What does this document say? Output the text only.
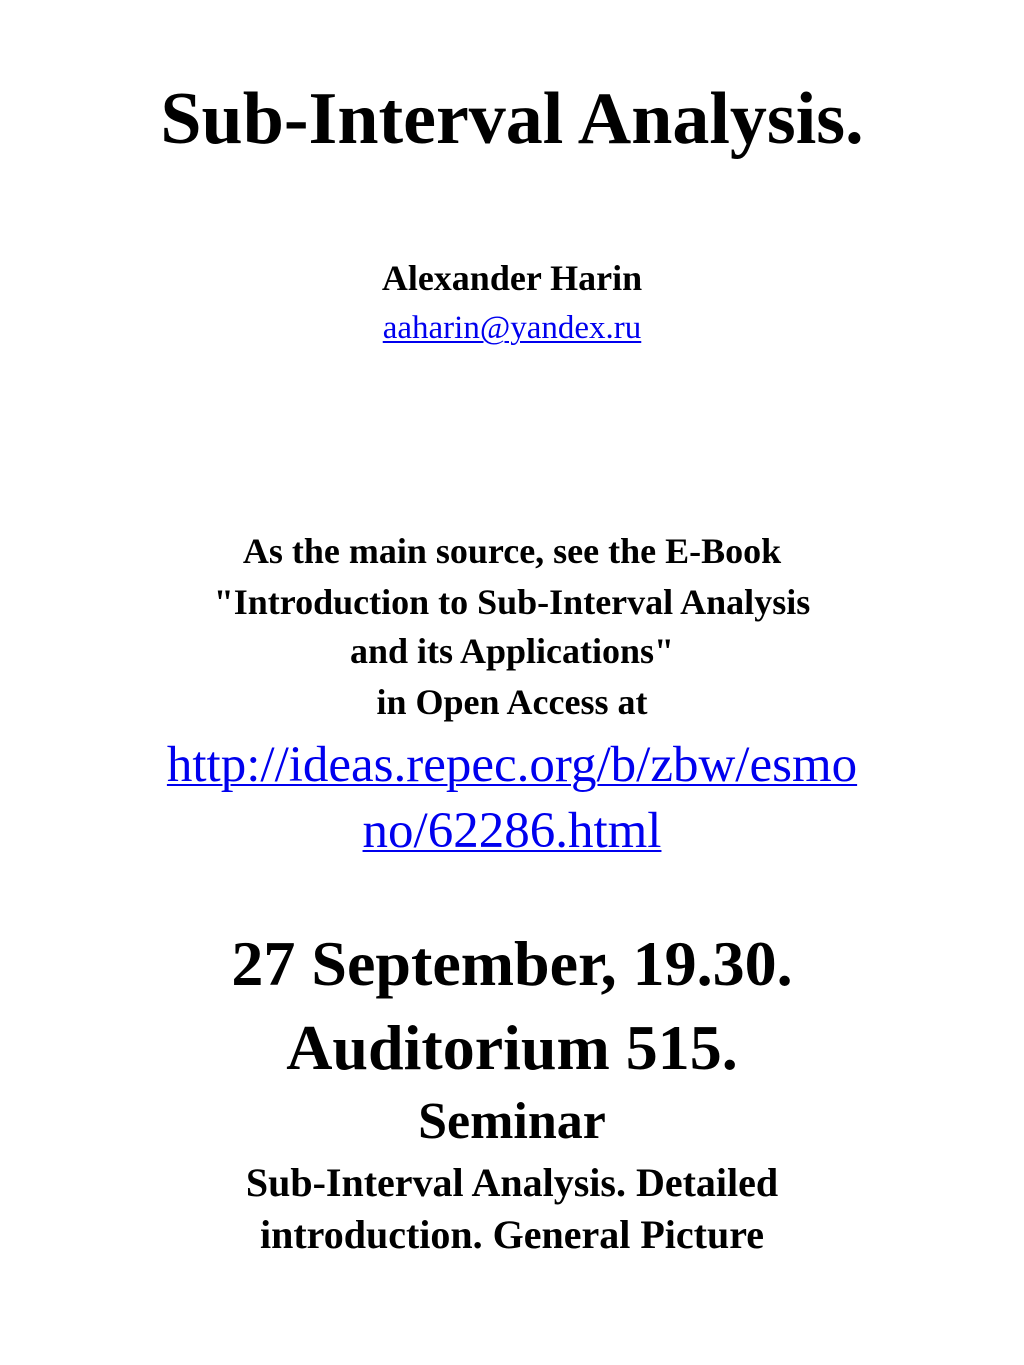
Sub-Interval Analysis.
Alexander Harin
aaharin@yandex.ru
As the main source, see the E-Book
"Introduction to Sub-Interval Analysis
and its Applications"
in Open Access at
http://ideas.repec.org/b/zbw/esmo
no/62286.html
27 September, 19.30.
Auditorium 515.
Seminar
Sub-Interval Analysis. Detailed
introduction. General Picture
